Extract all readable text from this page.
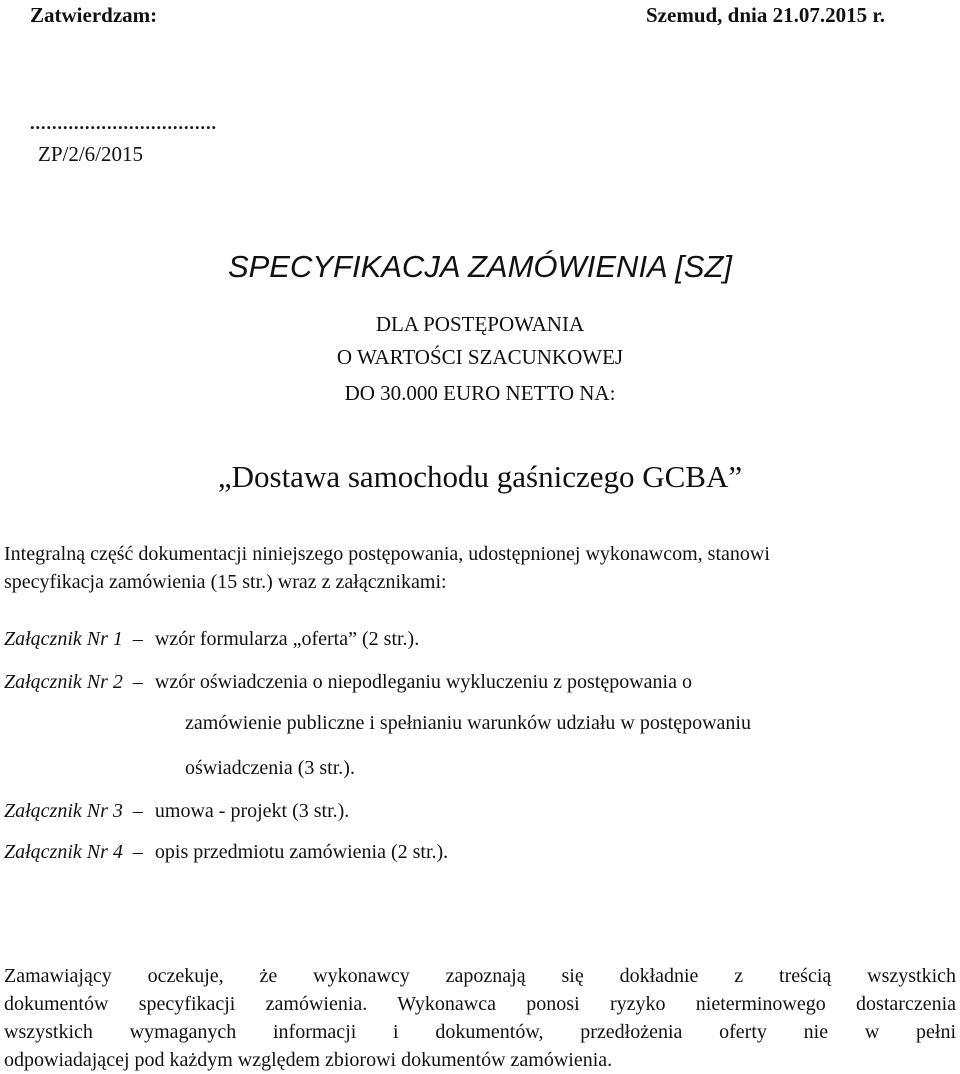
Zatwierdzam:	Szemud, dnia 21.07.2015 r.
..................................
ZP/2/6/2015
SPECYFIKACJA ZAMÓWIENIA [SZ]
DLA POSTĘPOWANIA
O WARTOŚCI SZACUNKOWEJ
DO 30.000 EURO NETTO NA:
„Dostawa samochodu gaśniczego GCBA”

Integralną część dokumentacji niniejszego postępowania, udostępnionej wykonawcom, stanowi

specyfikacja zamówienia (15 str.) wraz z załącznikami:

Załącznik Nr 1 – wzór formularza „oferta” (2 str.).
Załącznik Nr 2 – wzór oświadczenia o niepodleganiu wykluczeniu z postępowania o
zamówienie publiczne i spełnianiu warunków udziału w postępowaniu
oświadczenia (3 str.).
Załącznik Nr 3 – umowa - projekt (3 str.).
Załącznik Nr 4 – opis przedmiotu zamówienia (2 str.).
Zamawiający oczekuje, że wykonawcy zapoznają się dokładnie z treścią wszystkich
dokumentów specyfikacji zamówienia. Wykonawca ponosi ryzyko nieterminowego dostarczenia
wszystkich wymaganych informacji i dokumentów, przedłożenia oferty nie w pełni
odpowiadającej pod każdym względem zbiorowi dokumentów zamówienia.
